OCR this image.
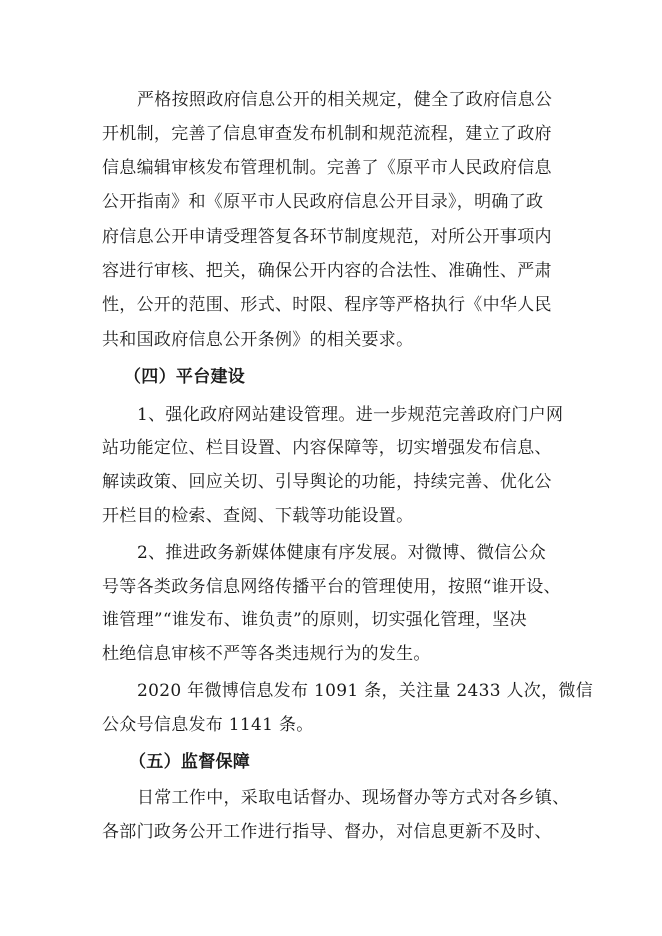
严格按照政府信息公开的相关规定，健全了政府信息公
开机制，完善了信息审查发布机制和规范流程，建立了政府
信息编辑审核发布管理机制。完善了《原平市人民政府信息
公开指南》和《原平市人民政府信息公开目录》，明确了政
府信息公开申请受理答复各环节制度规范，对所公开事项内
容进行审核、把关，确保公开内容的合法性、准确性、严肃
性，公开的范围、形式、时限、程序等严格执行《中华人民
共和国政府信息公开条例》的相关要求。
（四）平台建设
1、强化政府网站建设管理。进一步规范完善政府门户网
站功能定位、栏目设置、内容保障等，切实增强发布信息、
解读政策、回应关切、引导舆论的功能，持续完善、优化公
开栏目的检索、查阅、下载等功能设置。
2、推进政务新媒体健康有序发展。对微博、微信公众
号等各类政务信息网络传播平台的管理使用，按照“谁开设、
谁管理”“谁发布、谁负责”的原则，切实强化管理，坚决
杜绝信息审核不严等各类违规行为的发生。
2020 年微博信息发布 1091 条，关注量 2433 人次，微信
公众号信息发布 1141 条。
（五）监督保障
日常工作中，采取电话督办、现场督办等方式对各乡镇、
各部门政务公开工作进行指导、督办，对信息更新不及时、
